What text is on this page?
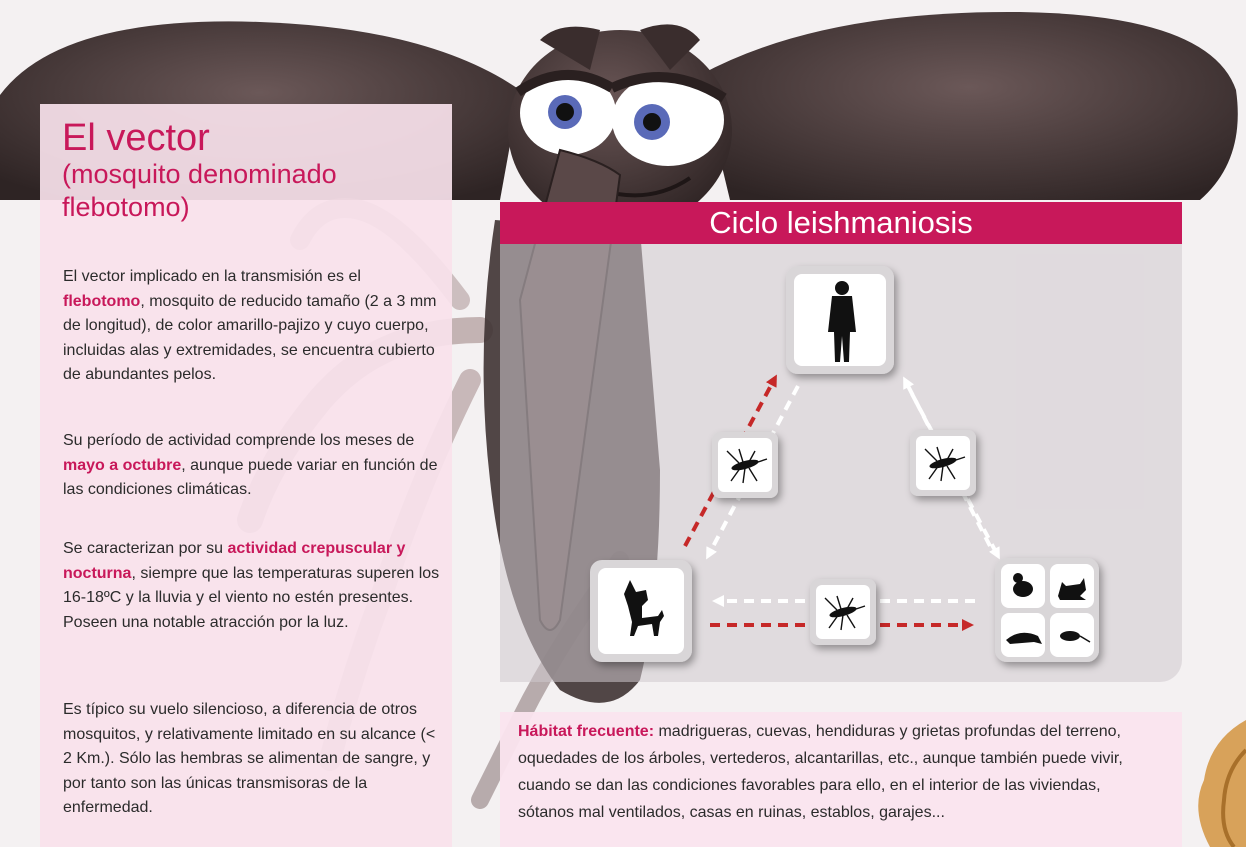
El vector
(mosquito denominado flebotomo)

El vector implicado en la transmisión es el flebotomo, mosquito de reducido tamaño (2 a 3 mm de longitud), de color amarillo-pajizo y cuyo cuerpo, incluidas alas y extremidades, se encuentra cubierto de abundantes pelos.

Su período de actividad comprende los meses de mayo a octubre, aunque puede variar en función de las condiciones climáticas.

Se caracterizan por su actividad crepuscular y nocturna, siempre que las temperaturas superen los 16-18ºC y la lluvia y el viento no estén presentes. Poseen una notable atracción por la luz.

Es típico su vuelo silencioso, a diferencia de otros mosquitos, y relativamente limitado en su alcance (< 2 Km.). Sólo las hembras se alimentan de sangre, y por tanto son las únicas transmisoras de la enfermedad.

Ciclo leishmaniosis

Hábitat frecuente: madrigueras, cuevas, hendiduras y grietas profundas del terreno, oquedades de los árboles, vertederos, alcantarillas, etc., aunque también puede vivir, cuando se dan las condiciones favorables para ello, en el interior de las viviendas, sótanos mal ventilados, casas en ruinas, establos, garajes...
